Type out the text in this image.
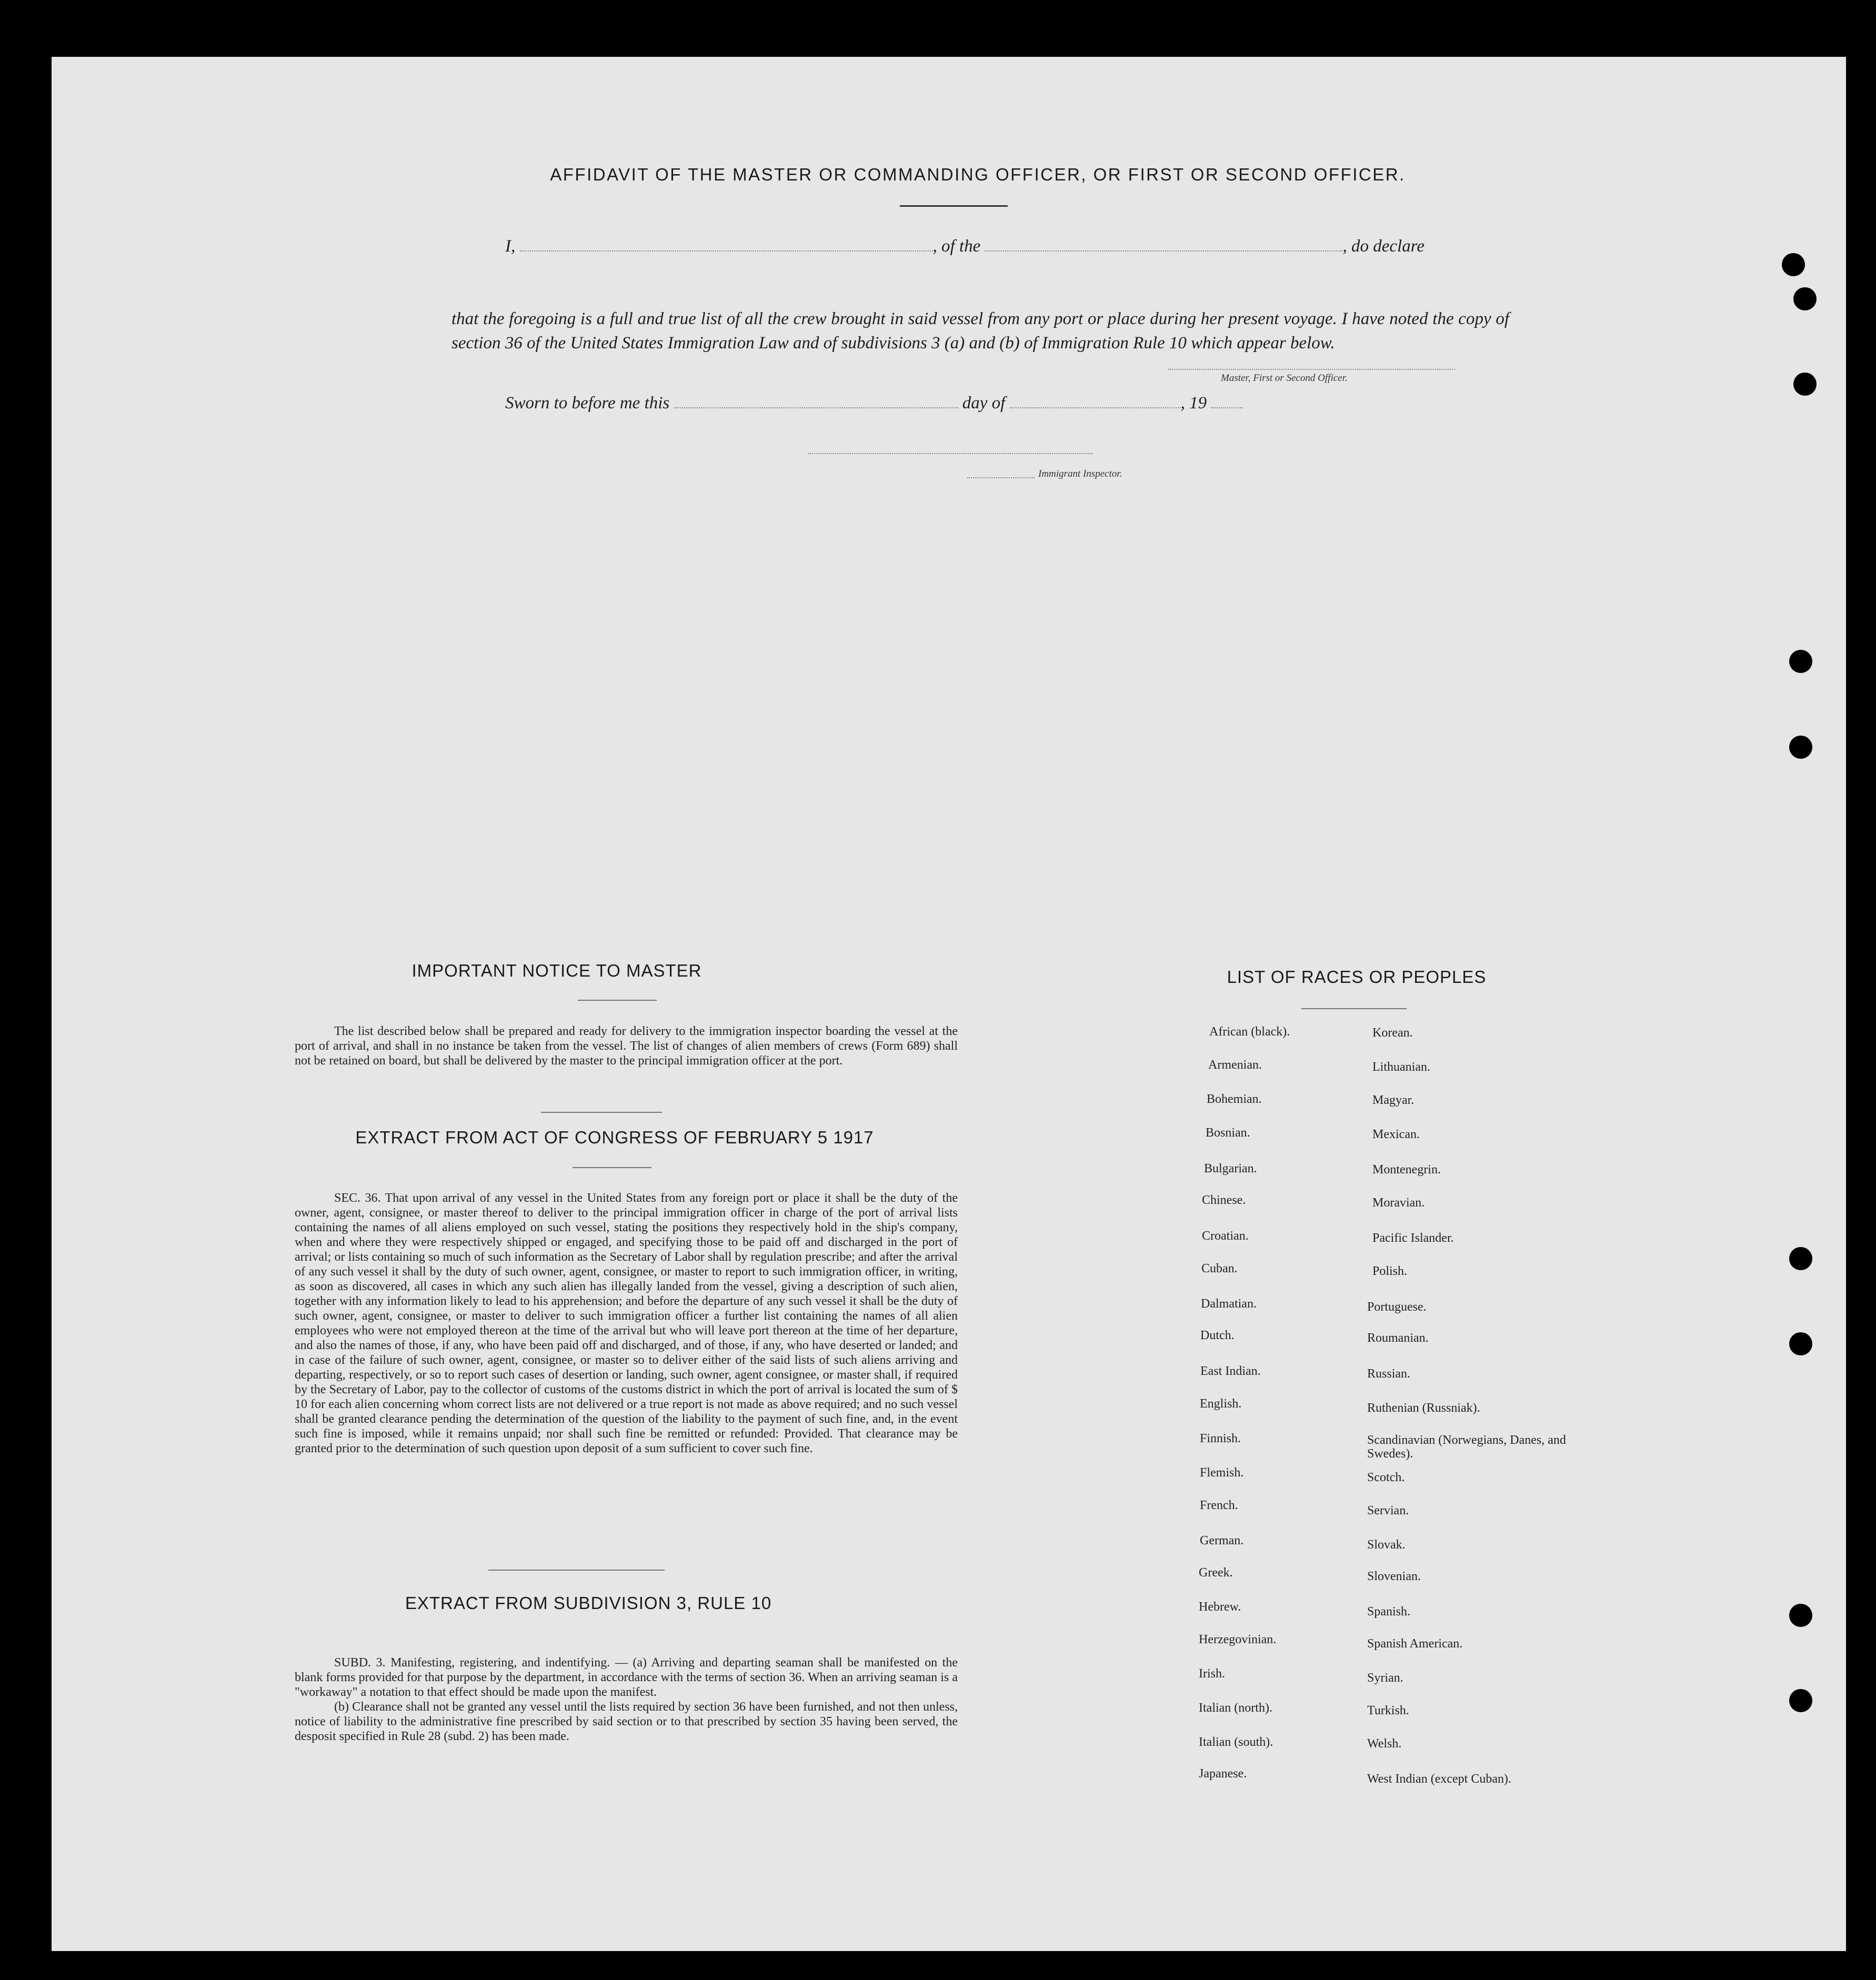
AFFIDAVIT OF THE MASTER OR COMMANDING OFFICER, OR FIRST OR SECOND OFFICER.
I,	, of the	, do declare
that the foregoing is a full and true list of all the crew brought in said vessel from any port or place during her present voyage. I have noted the copy of section 36 of the United States Immigration Law and of subdivisions 3 (a) and (b) of Immigration Rule 10 which appear below.
Master, First or Second Officer.
Sworn to before me this	day of	, 19
Immigrant Inspector.
IMPORTANT NOTICE TO MASTER
The list described below shall be prepared and ready for delivery to the immigration inspector boarding the vessel at the port of arrival, and shall in no instance be taken from the vessel. The list of changes of alien members of crews (Form 689) shall not be retained on board, but shall be delivered by the master to the principal immigration officer at the port.
EXTRACT FROM ACT OF CONGRESS OF FEBRUARY 5 1917
SEC. 36. That upon arrival of any vessel in the United States from any foreign port or place it shall be the duty of the owner, agent, consignee, or master thereof to deliver to the principal immigration officer in charge of the port of arrival lists containing the names of all aliens employed on such vessel, stating the positions they respectively hold in the ship's company, when and where they were respectively shipped or engaged, and specifying those to be paid off and discharged in the port of arrival; or lists containing so much of such information as the Secretary of Labor shall by regulation prescribe; and after the arrival of any such vessel it shall by the duty of such owner, agent, consignee, or master to report to such immigration officer, in writing, as soon as discovered, all cases in which any such alien has illegally landed from the vessel, giving a description of such alien, together with any information likely to lead to his apprehension; and before the departure of any such vessel it shall be the duty of such owner, agent, consignee, or master to deliver to such immigration officer a further list containing the names of all alien employees who were not employed thereon at the time of the arrival but who will leave port thereon at the time of her departure, and also the names of those, if any, who have been paid off and discharged, and of those, if any, who have deserted or landed; and in case of the failure of such owner, agent, consignee, or master so to deliver either of the said lists of such aliens arriving and departing, respectively, or so to report such cases of desertion or landing, such owner, agent consignee, or master shall, if required by the Secretary of Labor, pay to the collector of customs of the customs district in which the port of arrival is located the sum of $ 10 for each alien concerning whom correct lists are not delivered or a true report is not made as above required; and no such vessel shall be granted clearance pending the determination of the question of the liability to the payment of such fine, and, in the event such fine is imposed, while it remains unpaid; nor shall such fine be remitted or refunded: Provided. That clearance may be granted prior to the determination of such question upon deposit of a sum sufficient to cover such fine.
EXTRACT FROM SUBDIVISION 3, RULE 10

SUBD. 3. Manifesting, registering, and indentifying. — (a) Arriving and departing seaman shall be manifested on the blank forms provided for that purpose by the department, in accordance with the terms of section 36. When an arriving seaman is a "workaway" a notation to that effect should be made upon the manifest.

(b) Clearance shall not be granted any vessel until the lists required by section 36 have been furnished, and not then unless, notice of liability to the administrative fine prescribed by said section or to that prescribed by section 35 having been served, the desposit specified in Rule 28 (subd. 2) has been made.

LIST OF RACES OR PEOPLES
African (black).
Armenian.
Bohemian.
Bosnian.
Bulgarian.
Chinese.
Croatian.
Cuban.
Dalmatian.
Dutch.
East Indian.
English.
Finnish.
Flemish.
French.
German.
Greek.
Hebrew.
Herzegovinian.
Irish.
Italian (north).
Italian (south).
Japanese.
Korean.
Lithuanian.
Magyar.
Mexican.
Montenegrin.
Moravian.
Pacific Islander.
Polish.
Portuguese.
Roumanian.
Russian.
Ruthenian (Russniak).
Scandinavian (Norwegians, Danes, and Swedes).
Scotch.
Servian.
Slovak.
Slovenian.
Spanish.
Spanish American.
Syrian.
Turkish.
Welsh.
West Indian (except Cuban).
